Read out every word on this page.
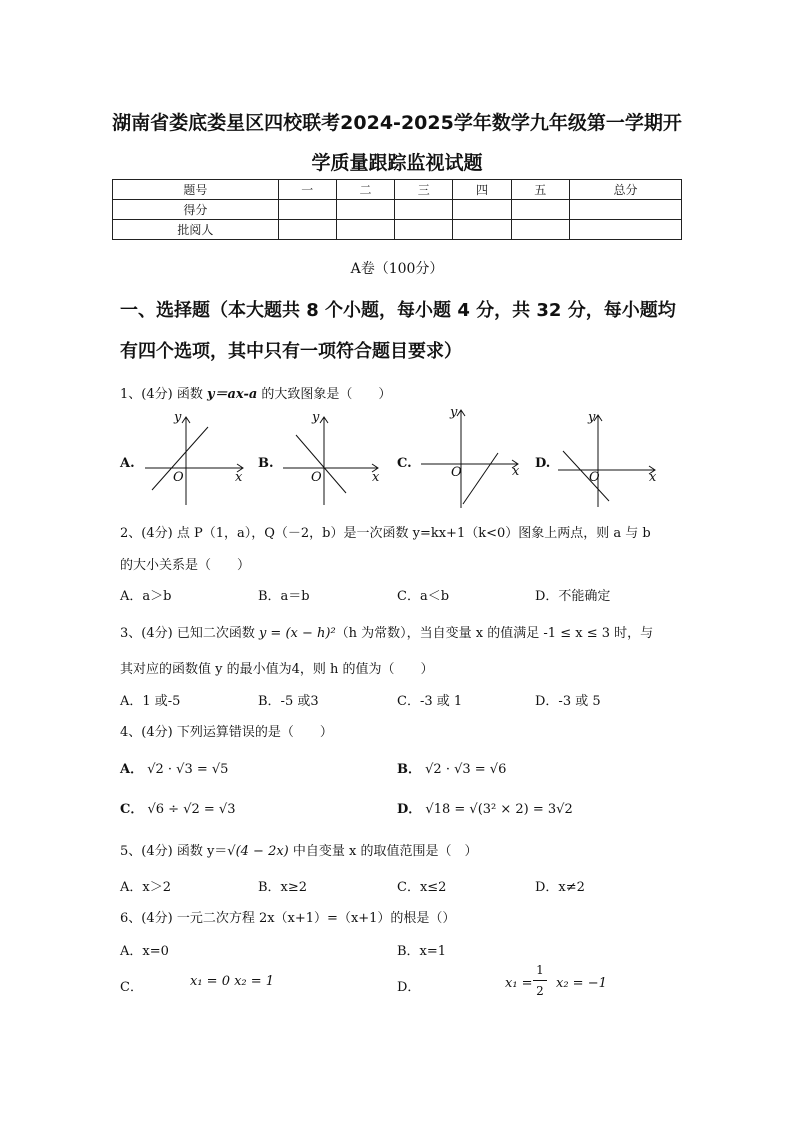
湖南省娄底娄星区四校联考2024-2025学年数学九年级第一学期开
学质量跟踪监视试题
题号	一	二	三	四	五	总分
得分						
批阅人						
A卷（100分）
一、选择题（本大题共 8 个小题，每小题 4 分，共 32 分，每小题均
有四个选项，其中只有一项符合题目要求）
1、(4分) 函数 y＝ax-a 的大致图象是（　　）
A.
y
x
O
B.
y
x
O
C.
y
x
O
D.
y
x
O
2、(4分) 点 P（1，a），Q（－2，b）是一次函数 y=kx+1（k<0）图象上两点，则 a 与 b
的大小关系是（　　）
A．a＞b	B．a＝b	C．a＜b	D．不能确定
3、(4分) 已知二次函数 y = (x − h)²（h 为常数），当自变量 x 的值满足 -1 ≤ x ≤ 3 时，与
其对应的函数值 y 的最小值为4，则 h 的值为（　　）
A．1 或-5	B．-5 或3	C．-3 或 1	D．-3 或 5
4、(4分) 下列运算错误的是（　　）
A． √2 · √3 = √5	B． √2 · √3 = √6
C． √6 ÷ √2 = √3	D． √18 = √(3² × 2) = 3√2
5、(4分) 函数 y＝√(4 − 2x) 中自变量 x 的取值范围是（　）
A．x＞2	B．x≥2	C．x≤2	D．x≠2
6、(4分) 一元二次方程 2x（x+1）=（x+1）的根是（）
A．x=0	B．x=1
C．	x₁ = 0 x₂ = 1	D．	x₁ =
1
2 x₂ = −1
